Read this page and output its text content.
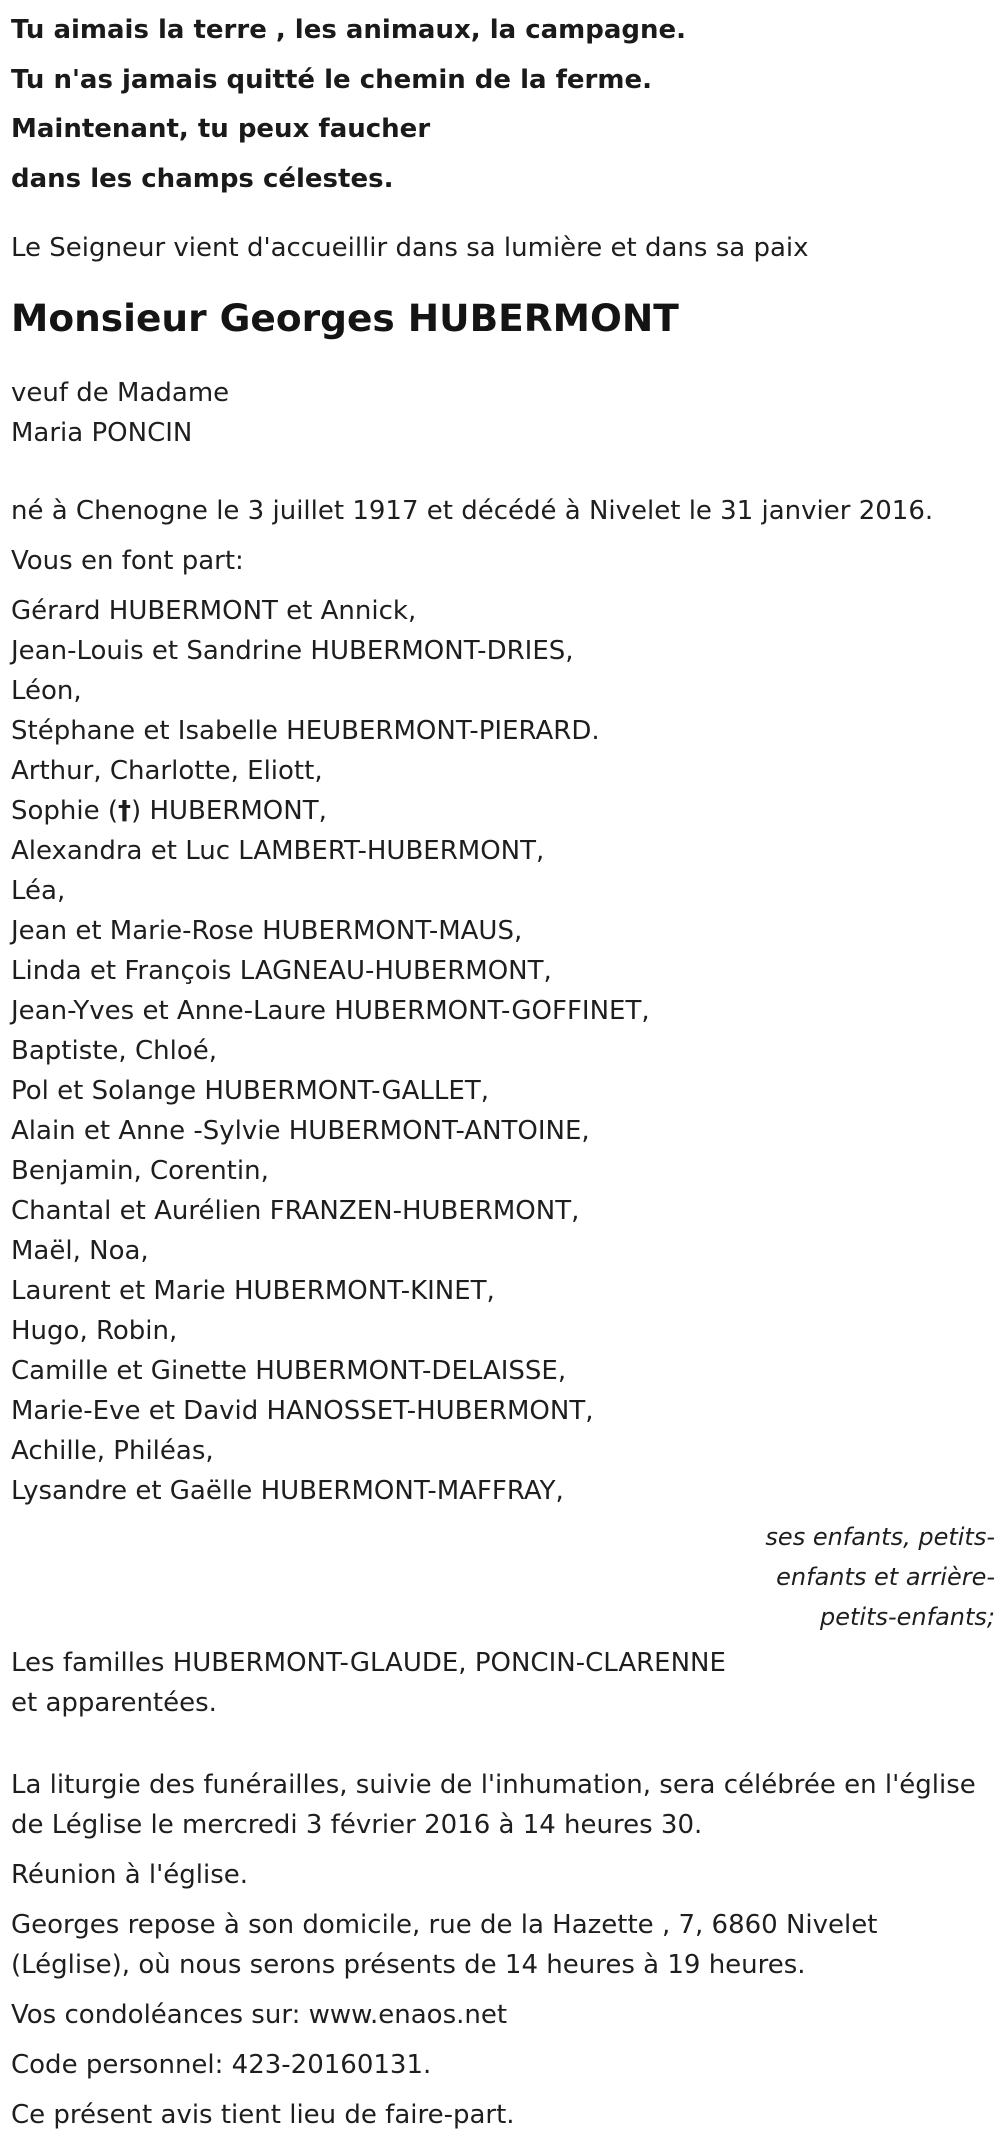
Tu aimais la terre , les animaux, la campagne.
Tu n'as jamais quitté le chemin de la ferme.
Maintenant, tu peux faucher
dans les champs célestes.
Le Seigneur vient d'accueillir dans sa lumière et dans sa paix
Monsieur Georges HUBERMONT
veuf de Madame
Maria PONCIN
né à Chenogne le 3 juillet 1917 et décédé à Nivelet le 31 janvier 2016.
Vous en font part:
Gérard HUBERMONT et Annick,
Jean-Louis et Sandrine HUBERMONT-DRIES,
Léon,
Stéphane et Isabelle HEUBERMONT-PIERARD.
Arthur, Charlotte, Eliott,
Sophie (†) HUBERMONT,
Alexandra et Luc LAMBERT-HUBERMONT,
Léa,
Jean et Marie-Rose HUBERMONT-MAUS,
Linda et François LAGNEAU-HUBERMONT,
Jean-Yves et Anne-Laure HUBERMONT-GOFFINET,
Baptiste, Chloé,
Pol et Solange HUBERMONT-GALLET,
Alain et Anne -Sylvie HUBERMONT-ANTOINE,
Benjamin, Corentin,
Chantal et Aurélien FRANZEN-HUBERMONT,
Maël, Noa,
Laurent et Marie HUBERMONT-KINET,
Hugo, Robin,
Camille et Ginette HUBERMONT-DELAISSE,
Marie-Eve et David HANOSSET-HUBERMONT,
Achille, Philéas,
Lysandre et Gaëlle HUBERMONT-MAFFRAY,
ses enfants, petits-
enfants et arrière-
petits-enfants;
Les familles HUBERMONT-GLAUDE, PONCIN-CLARENNE
et apparentées.
La liturgie des funérailles, suivie de l'inhumation, sera célébrée en l'église
de Léglise le mercredi 3 février 2016 à 14 heures 30.
Réunion à l'église.
Georges repose à son domicile, rue de la Hazette , 7, 6860 Nivelet
(Léglise), où nous serons présents de 14 heures à 19 heures.
Vos condoléances sur: www.enaos.net
Code personnel: 423-20160131.
Ce présent avis tient lieu de faire-part.
